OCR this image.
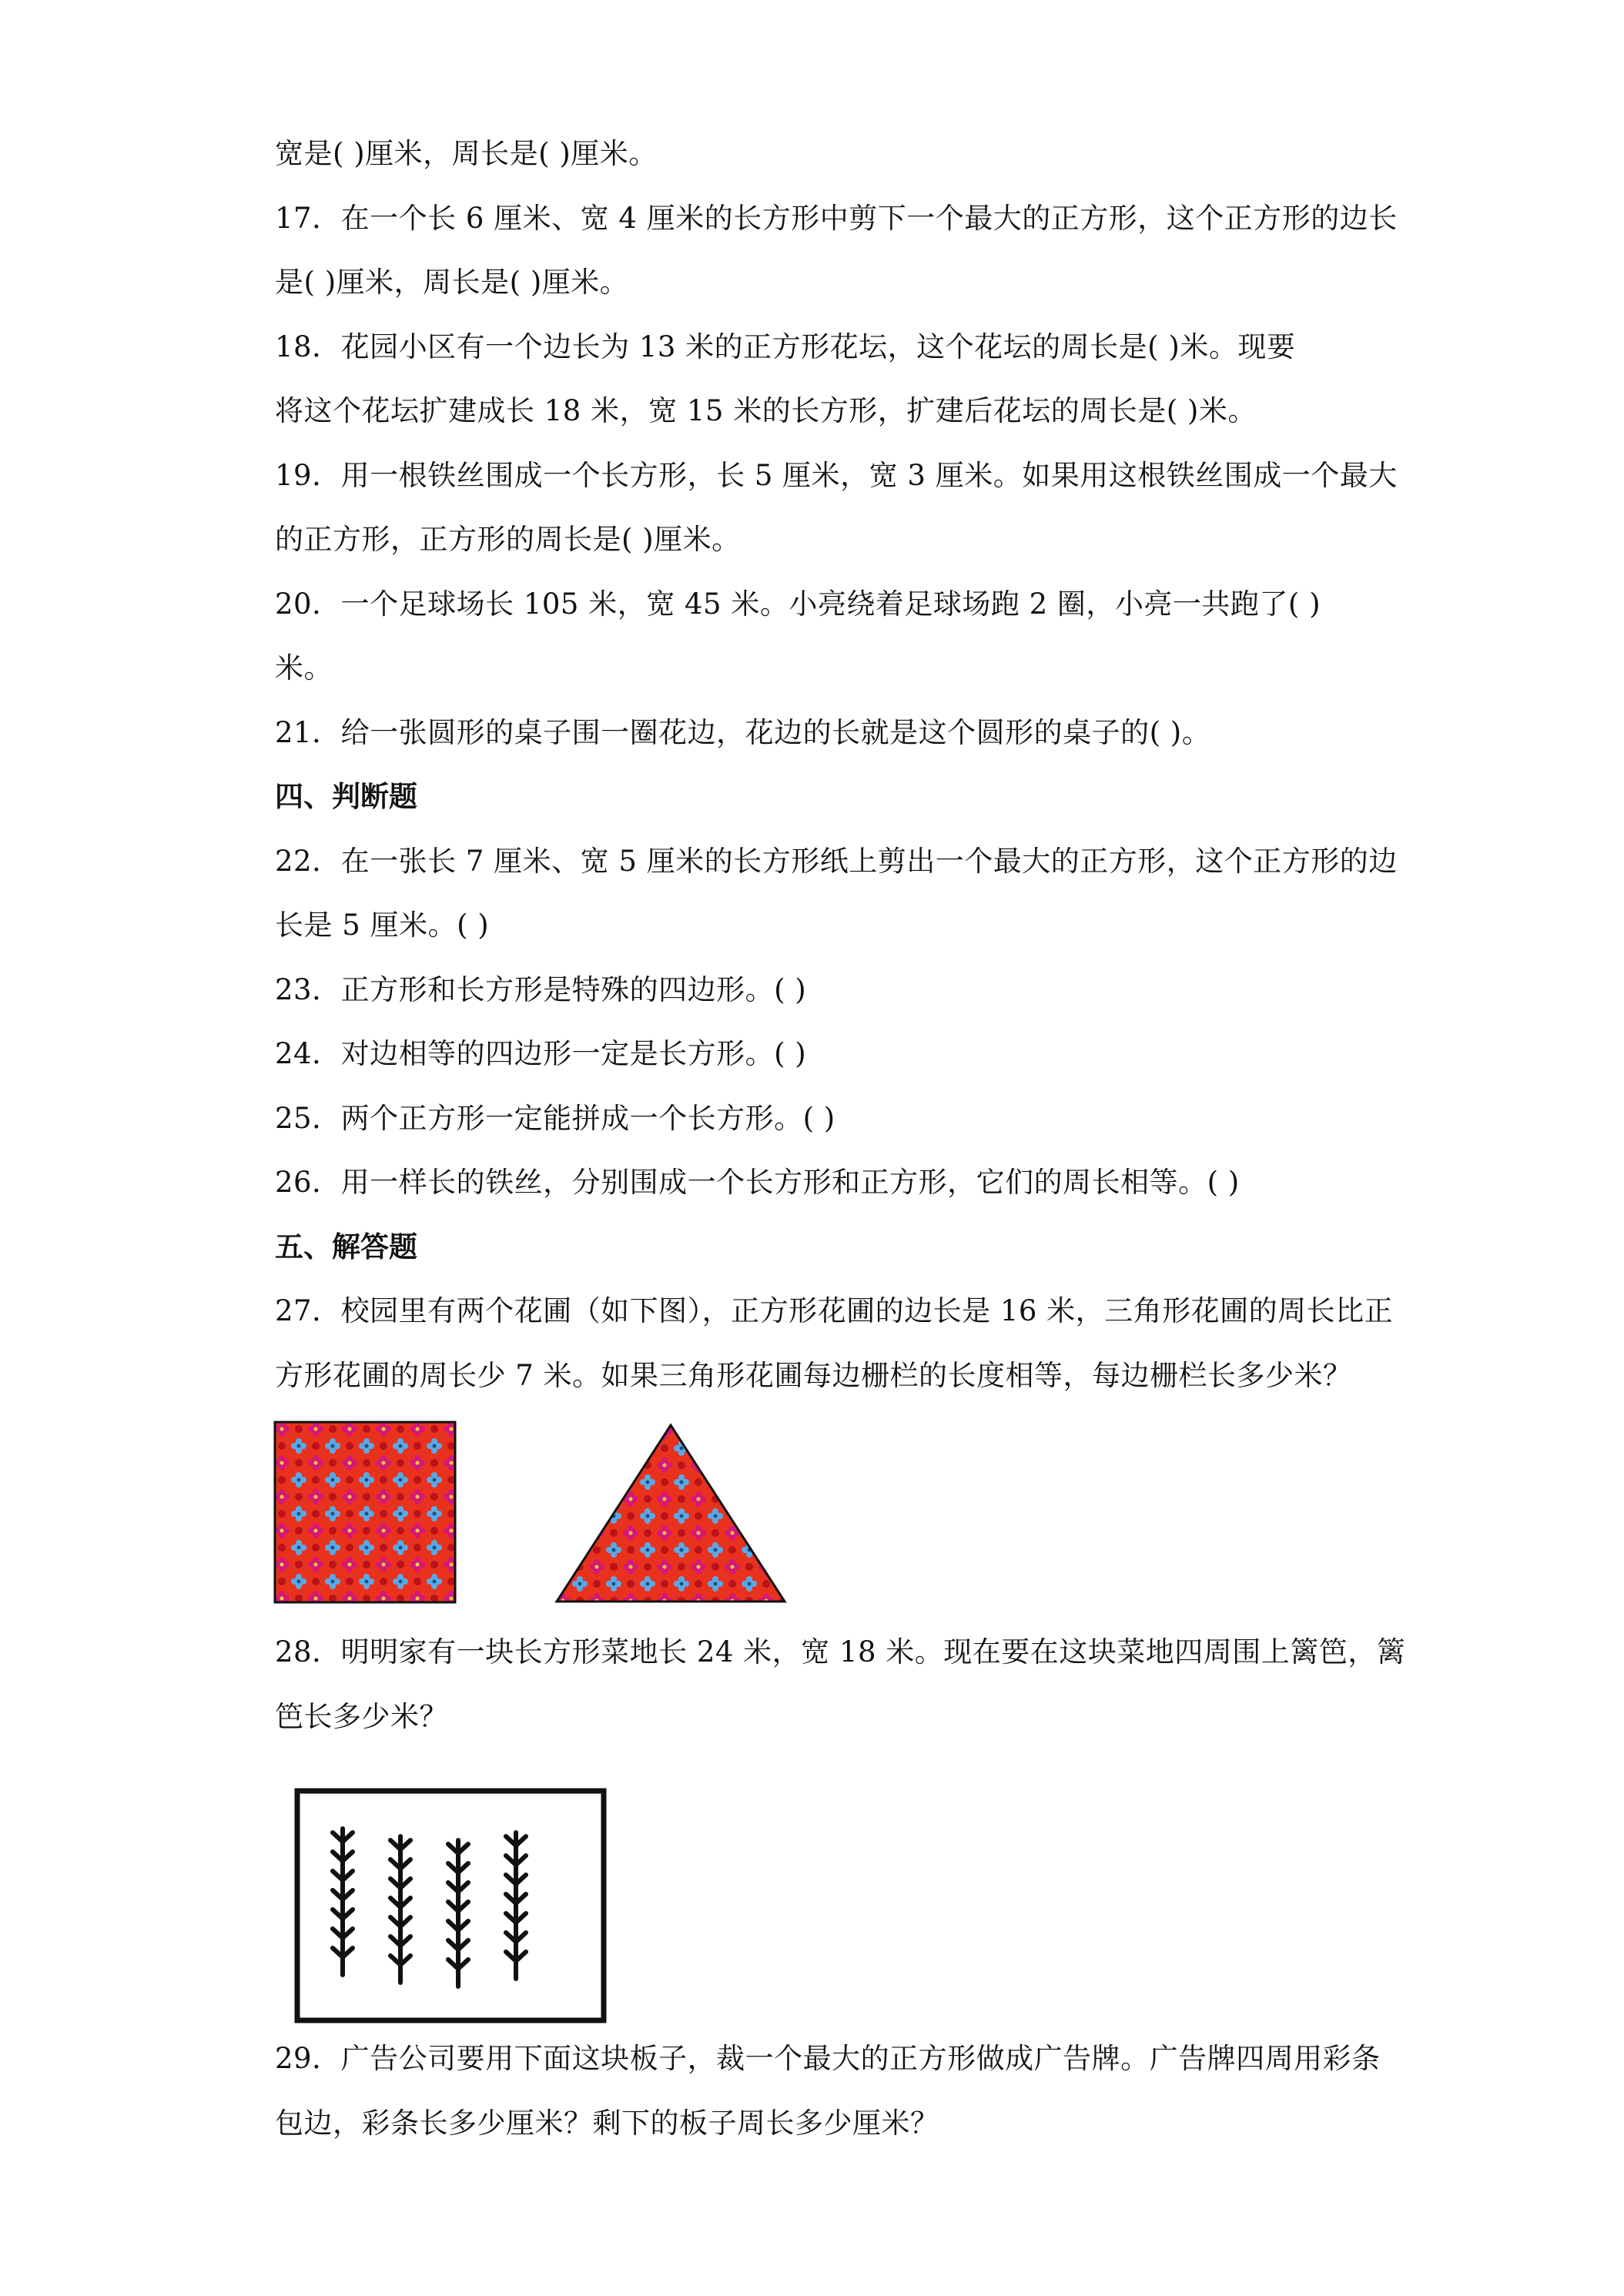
宽是( )厘米，周长是( )厘米。
17．在一个长 6 厘米、宽 4 厘米的长方形中剪下一个最大的正方形，这个正方形的边长
是( )厘米，周长是( )厘米。
18．花园小区有一个边长为 13 米的正方形花坛，这个花坛的周长是( )米。现要
将这个花坛扩建成长 18 米，宽 15 米的长方形，扩建后花坛的周长是( )米。
19．用一根铁丝围成一个长方形，长 5 厘米，宽 3 厘米。如果用这根铁丝围成一个最大
的正方形，正方形的周长是( )厘米。
20．一个足球场长 105 米，宽 45 米。小亮绕着足球场跑 2 圈，小亮一共跑了( )
米。
21．给一张圆形的桌子围一圈花边，花边的长就是这个圆形的桌子的( )。
四、判断题
22．在一张长 7 厘米、宽 5 厘米的长方形纸上剪出一个最大的正方形，这个正方形的边
长是 5 厘米。( )
23．正方形和长方形是特殊的四边形。( )
24．对边相等的四边形一定是长方形。( )
25．两个正方形一定能拼成一个长方形。( )
26．用一样长的铁丝，分别围成一个长方形和正方形，它们的周长相等。( )
五、解答题
27．校园里有两个花圃（如下图），正方形花圃的边长是 16 米，三角形花圃的周长比正
方形花圃的周长少 7 米。如果三角形花圃每边栅栏的长度相等，每边栅栏长多少米？
28．明明家有一块长方形菜地长 24 米，宽 18 米。现在要在这块菜地四周围上篱笆，篱
笆长多少米？
29．广告公司要用下面这块板子，裁一个最大的正方形做成广告牌。广告牌四周用彩条
包边，彩条长多少厘米？剩下的板子周长多少厘米？
